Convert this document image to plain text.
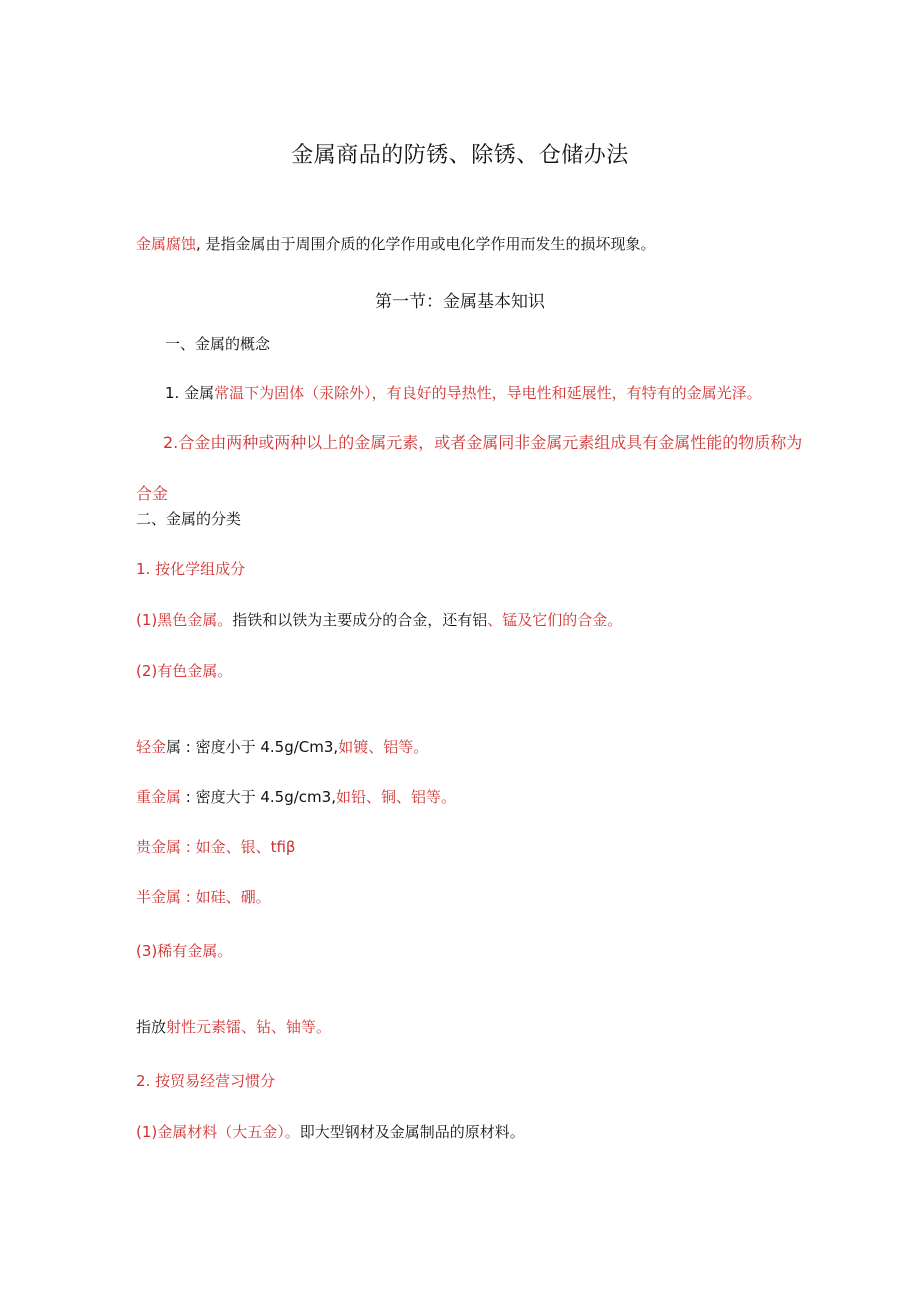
金属商品的防锈、除锈、仓储办法
金属腐蚀, 是指金属由于周围介质的化学作用或电化学作用而发生的损坏现象。
第一节：金属基本知识
一、金属的概念
1. 金属常温下为固体（汞除外），有良好的导热性，导电性和延展性，有特有的金属光泽。
2.合金由两种或两种以上的金属元素，或者金属同非金属元素组成具有金属性能的物质称为
合金
二、金属的分类
1. 按化学组成分
(1)黑色金属。指铁和以铁为主要成分的合金，还有铝、锰及它们的合金。
(2)有色金属。
轻金属 : 密度小于 4.5g/Cm3,如镀、铝等。
重金属 : 密度大于 4.5g/cm3,如铅、铜、铝等。
贵金属 : 如金、银、tfiβ
半金属 : 如硅、硼。
(3)稀有金属。
指放射性元素镭、钻、铀等。
2. 按贸易经营习惯分
(1)金属材料（大五金）。即大型钢材及金属制品的原材料。
